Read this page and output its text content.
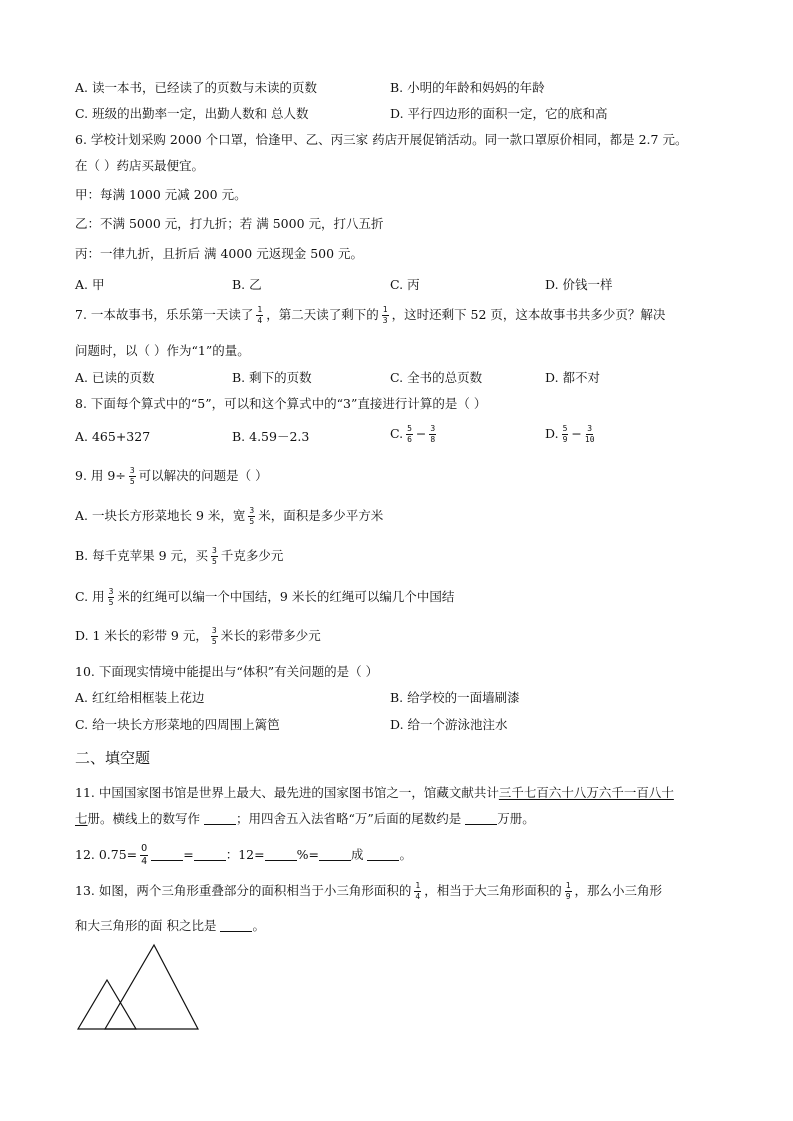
A. 读一本书，已经读了的页数与未读的页数	B. 小明的年龄和妈妈的年龄
C. 班级的出勤率一定，出勤人数和 总人数	D. 平行四边形的面积一定，它的底和高
6. 学校计划采购 2000 个口罩，恰逢甲、乙、丙三家 药店开展促销活动。同一款口罩原价相同，都是 2.7 元。
在（ ）药店买最便宜。
甲：每满 1000 元减 200 元。
乙：不满 5000 元，打九折；若 满 5000 元，打八五折
丙：一律九折，且折后 满 4000 元返现金 500 元。
A. 甲	B. 乙	C. 丙	D. 价钱一样
7. 一本故事书，乐乐第一天读了 $\frac{1}{4}$ ，第二天读了剩下的 $\frac{1}{3}$ ，这时还剩下 52 页，这本故事书共多少页？解决
问题时，以（ ）作为“1”的量。
A. 已读的页数	B. 剩下的页数	C. 全书的总页数	D. 都不对
8. 下面每个算式中的“5”，可以和这个算式中的“3”直接进行计算的是（ ）
A. 465+327	B. 4.59－2.3	C. $\frac{5}{6} - \frac{3}{8}$	D. $\frac{5}{9} - \frac{3}{10}$
9. 用 $9\div \frac{3}{5}$ 可以解决的问题是（ ）
A. 一块长方形菜地长 9 米，宽 $\frac{3}{5}$ 米，面积是多少平方米
B. 每千克苹果 9 元，买 $\frac{3}{5}$ 千克多少元
C. 用 $\frac{3}{5}$ 米的红绳可以编一个中国结，9 米长的红绳可以编几个中国结
D. 1 米长的彩带 9 元， $\frac{3}{5}$ 米长的彩带多少元
10. 下面现实情境中能提出与“体积”有关问题的是（ ）
A. 红红给相框装上花边	B. 给学校的一面墙刷漆
C. 给一块长方形菜地的四周围上篱笆	D. 给一个游泳池注水
二、填空题
11. 中国国家图书馆是世界上最大、最先进的国家图书馆之一，馆藏文献共计三千七百六十八万六千一百八十
七册。横线上的数写作	；用四舍五入法省略“万”后面的尾数约是	万册。
12. $0.75= \frac{O}{4}$	=	：12=	%=	成	。
13. 如图，两个三角形重叠部分的面积相当于小三角形面积的 $\frac{1}{4}$ ，相当于大三角形面积的 $\frac{1}{9}$ ，那么小三角形
和大三角形的面 积之比是	。
